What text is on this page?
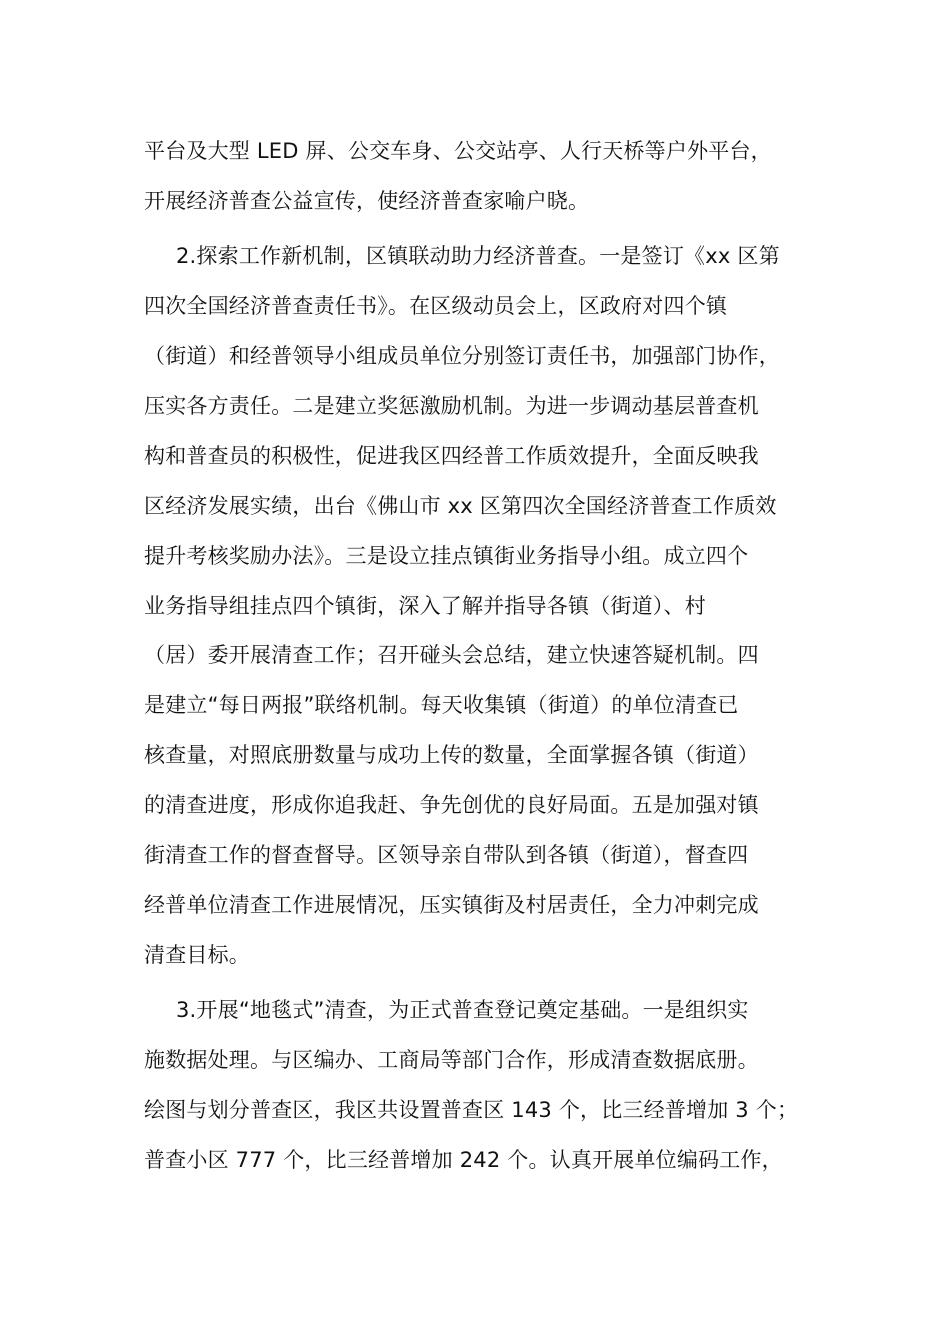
平台及大型 LED 屏、公交车身、公交站亭、人行天桥等户外平台，
开展经济普查公益宣传，使经济普查家喻户晓。
2.探索工作新机制，区镇联动助力经济普查。一是签订《xx 区第
四次全国经济普查责任书》。在区级动员会上，区政府对四个镇
（街道）和经普领导小组成员单位分别签订责任书，加强部门协作，
压实各方责任。二是建立奖惩激励机制。为进一步调动基层普查机
构和普查员的积极性，促进我区四经普工作质效提升，全面反映我
区经济发展实绩，出台《佛山市 xx 区第四次全国经济普查工作质效
提升考核奖励办法》。三是设立挂点镇街业务指导小组。成立四个
业务指导组挂点四个镇街，深入了解并指导各镇（街道）、村
（居）委开展清查工作；召开碰头会总结，建立快速答疑机制。四
是建立“每日两报”联络机制。每天收集镇（街道）的单位清查已
核查量，对照底册数量与成功上传的数量，全面掌握各镇（街道）
的清查进度，形成你追我赶、争先创优的良好局面。五是加强对镇
街清查工作的督查督导。区领导亲自带队到各镇（街道），督查四
经普单位清查工作进展情况，压实镇街及村居责任，全力冲刺完成
清查目标。
3.开展“地毯式”清查，为正式普查登记奠定基础。一是组织实
施数据处理。与区编办、工商局等部门合作，形成清查数据底册。
绘图与划分普查区，我区共设置普查区 143 个，比三经普增加 3 个；
普查小区 777 个，比三经普增加 242 个。认真开展单位编码工作，
